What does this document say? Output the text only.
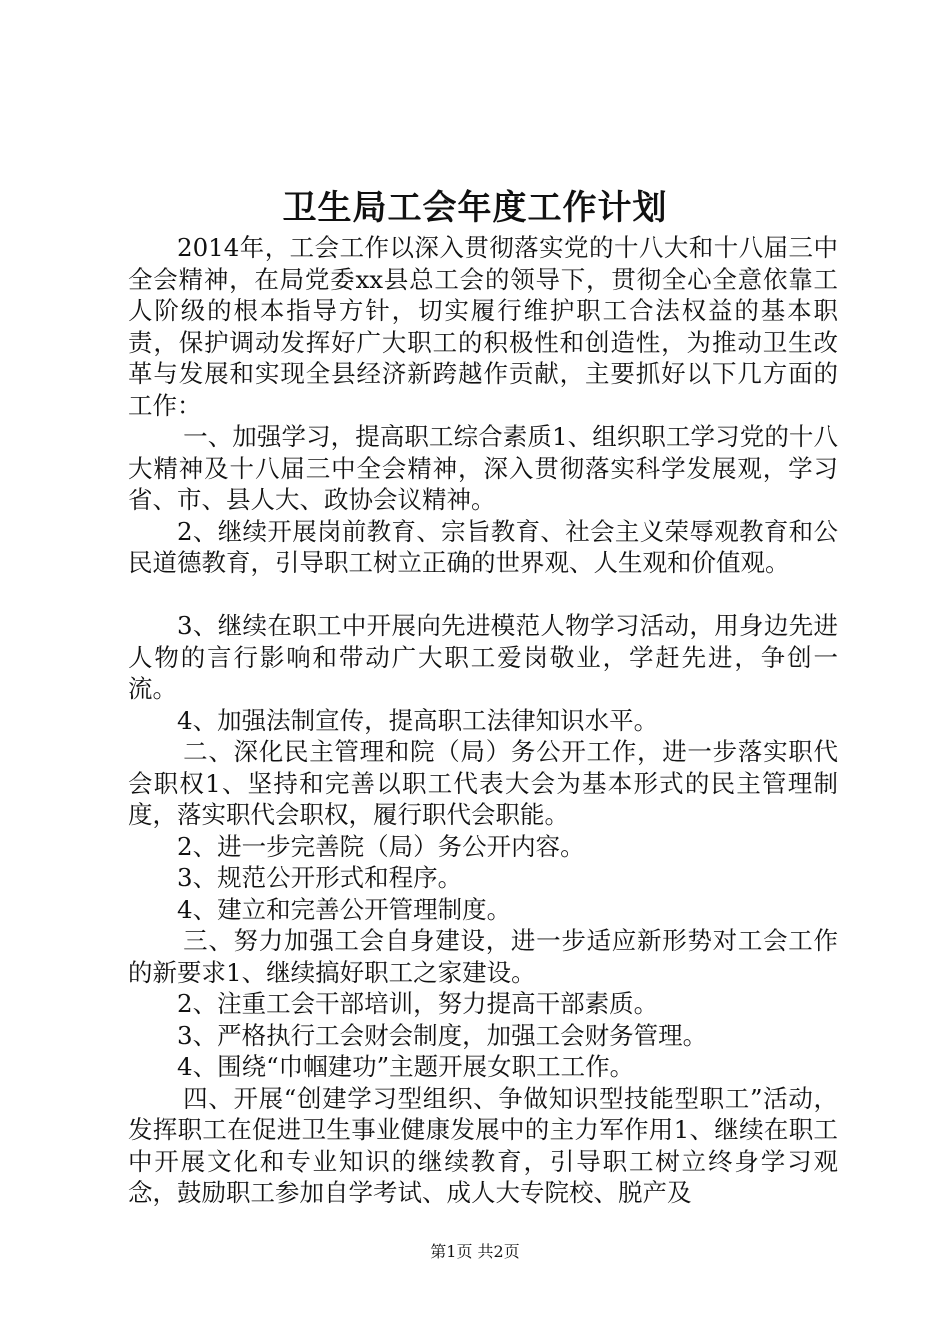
卫生局工会年度工作计划

2014年，工会工作以深入贯彻落实党的十八大和十八届三中全会精神，在局党委xx县总工会的领导下，贯彻全心全意依靠工人阶级的根本指导方针，切实履行维护职工合法权益的基本职责，保护调动发挥好广大职工的积极性和创造性，为推动卫生改革与发展和实现全县经济新跨越作贡献，主要抓好以下几方面的工作：

一、加强学习，提高职工综合素质1、组织职工学习党的十八大精神及十八届三中全会精神，深入贯彻落实科学发展观，学习省、市、县人大、政协会议精神。

2、继续开展岗前教育、宗旨教育、社会主义荣辱观教育和公民道德教育，引导职工树立正确的世界观、人生观和价值观。

3、继续在职工中开展向先进模范人物学习活动，用身边先进人物的言行影响和带动广大职工爱岗敬业，学赶先进，争创一流。

4、加强法制宣传，提高职工法律知识水平。

二、深化民主管理和院（局）务公开工作，进一步落实职代会职权1、坚持和完善以职工代表大会为基本形式的民主管理制度，落实职代会职权，履行职代会职能。

2、进一步完善院（局）务公开内容。

3、规范公开形式和程序。

4、建立和完善公开管理制度。

三、努力加强工会自身建设，进一步适应新形势对工会工作的新要求1、继续搞好职工之家建设。

2、注重工会干部培训，努力提高干部素质。

3、严格执行工会财会制度，加强工会财务管理。

4、围绕“巾帼建功”主题开展女职工工作。

四、开展“创建学习型组织、争做知识型技能型职工”活动，发挥职工在促进卫生事业健康发展中的主力军作用1、继续在职工中开展文化和专业知识的继续教育，引导职工树立终身学习观念，鼓励职工参加自学考试、成人大专院校、脱产及

第1页 共2页
